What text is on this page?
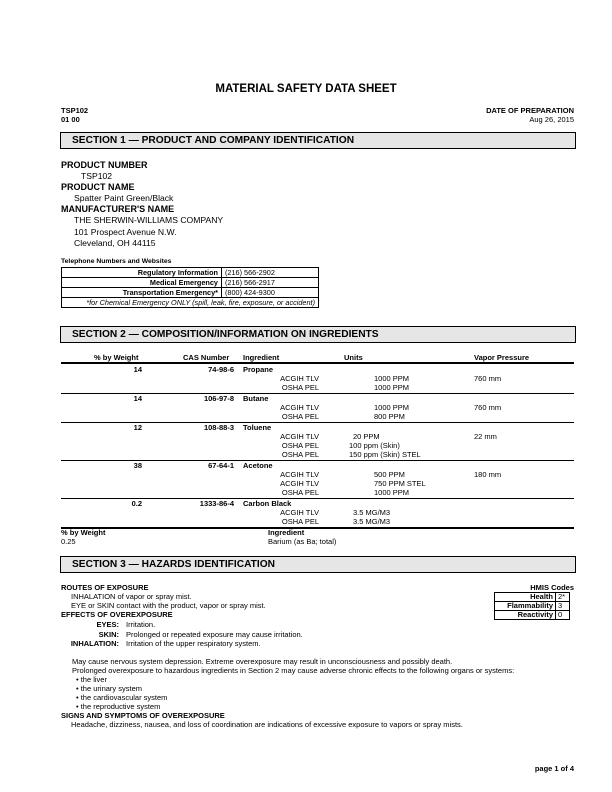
MATERIAL SAFETY DATA SHEET
TSP102
01 00
DATE OF PREPARATION
Aug 26, 2015
SECTION 1 — PRODUCT AND COMPANY IDENTIFICATION
PRODUCT NUMBER
TSP102
PRODUCT NAME
Spatter Paint Green/Black
MANUFACTURER'S NAME
THE SHERWIN-WILLIAMS COMPANY
101 Prospect Avenue N.W.
Cleveland, OH 44115
Telephone Numbers and Websites
Regulatory Information	(216) 566-2902
Medical Emergency	(216) 566-2917
Transportation Emergency*	(800) 424-9300
*for Chemical Emergency ONLY (spill, leak, fire, exposure, or accident)	
SECTION 2 — COMPOSITION/INFORMATION ON INGREDIENTS
% by Weight	CAS Number Ingredient	Units	Vapor Pressure
14	74-98-6 Propane
ACGIH TLV	1000 PPM	760 mm
OSHA PEL	1000 PPM
14	106-97-8 Butane
ACGIH TLV	1000 PPM	760 mm
OSHA PEL	800 PPM
12	108-88-3 Toluene
ACGIH TLV	20 PPM	22 mm
OSHA PEL	100 ppm (Skin)
OSHA PEL	150 ppm (Skin) STEL
38	67-64-1 Acetone
ACGIH TLV	500 PPM	180 mm
ACGIH TLV	750 PPM STEL
OSHA PEL	1000 PPM
0.2	1333-86-4 Carbon Black
ACGIH TLV	3.5 MG/M3
OSHA PEL	3.5 MG/M3
% by Weight	Ingredient
0.25	Barium (as Ba; total)
SECTION 3 — HAZARDS IDENTIFICATION
ROUTES OF EXPOSURE
INHALATION of vapor or spray mist.
EYE or SKIN contact with the product, vapor or spray mist.
EFFECTS OF OVEREXPOSURE
EYES: Irritation.
SKIN: Prolonged or repeated exposure may cause irritation.
INHALATION: Irritation of the upper respiratory system.
May cause nervous system depression. Extreme overexposure may result in unconsciousness and possibly death.
Prolonged overexposure to hazardous ingredients in Section 2 may cause adverse chronic effects to the following organs or systems:
• the liver
• the urinary system
• the cardiovascular system
• the reproductive system
SIGNS AND SYMPTOMS OF OVEREXPOSURE
Headache, dizziness, nausea, and loss of coordination are indications of excessive exposure to vapors or spray mists.
HMIS Codes
Health	2*
Flammability	3
Reactivity	0
page 1 of 4
